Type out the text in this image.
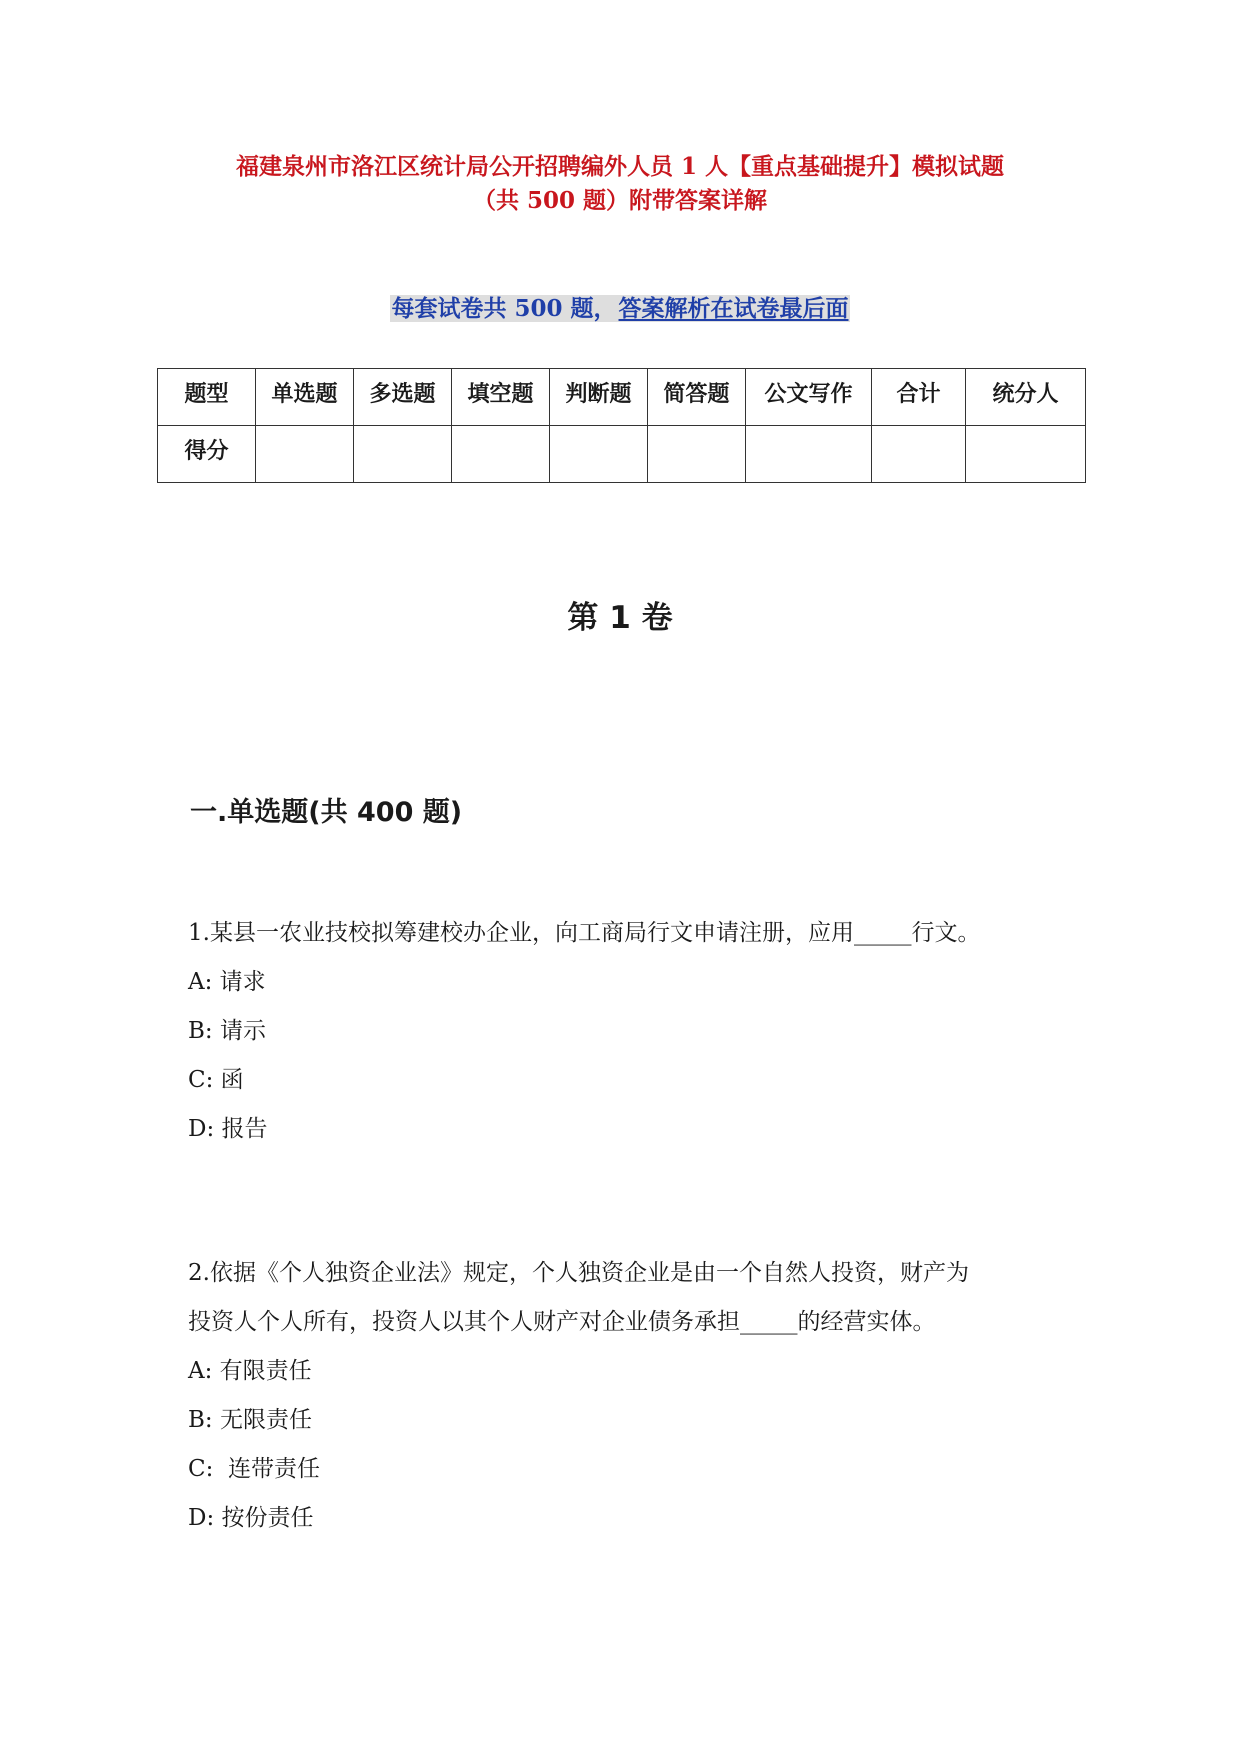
福建泉州市洛江区统计局公开招聘编外人员 1 人【重点基础提升】模拟试题
（共 500 题）附带答案详解
每套试卷共 500 题，答案解析在试卷最后面
题型	单选题	多选题	填空题	判断题	简答题	公文写作	合计	统分人
得分								
第 1 卷
一.单选题(共 400 题)

1.某县一农业技校拟筹建校办企业，向工商局行文申请注册，应用_____行文。

A: 请求

B: 请示

C: 函

D: 报告

2.依据《个人独资企业法》规定，个人独资企业是由一个自然人投资，财产为

投资人个人所有，投资人以其个人财产对企业债务承担_____的经营实体。

A: 有限责任

B: 无限责任

C:  连带责任

D: 按份责任
